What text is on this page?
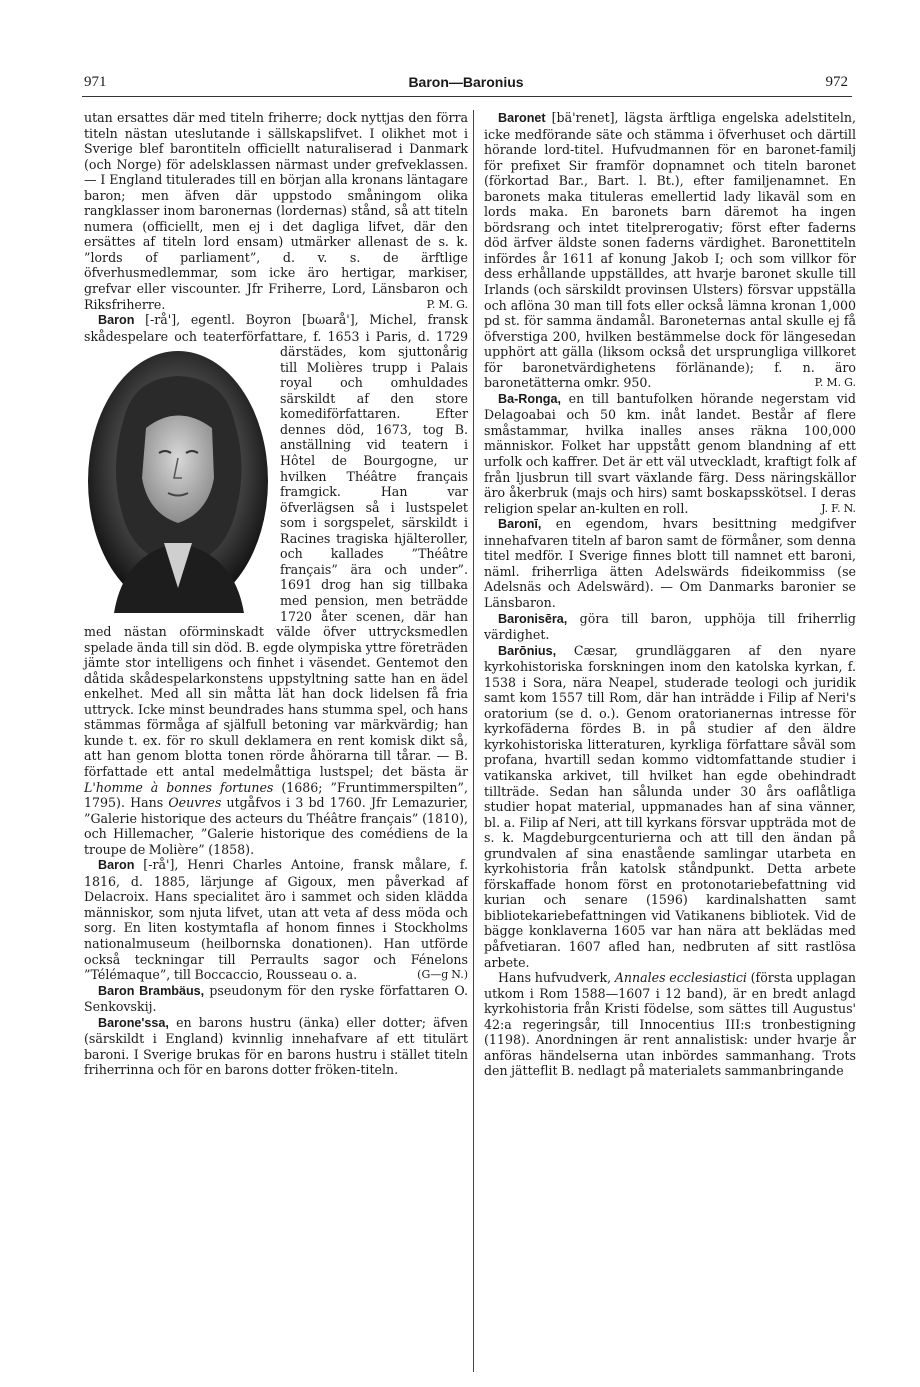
971	Baron—Baronius	972

utan ersattes där med titeln friherre; dock nyttjas den förra titeln nästan uteslutande i sällskapslifvet. I olikhet mot i Sverige blef barontiteln officiellt naturaliserad i Danmark (och Norge) för adelsklassen närmast under grefveklassen. — I England titulerades till en början alla kronans läntagare baron; men äfven där uppstodo småningom olika rangklasser inom baronernas (lordernas) stånd, så att titeln numera (officiellt, men ej i det dagliga lifvet, där den ersättes af titeln lord ensam) utmärker allenast de s. k. ”lords of parliament”, d. v. s. de ärftlige öfverhusmedlemmar, som icke äro hertigar, markiser, grefvar eller viscounter. Jfr Friherre, Lord, Länsbaron och Riksfriherre.	P. M. G.

Baron [-rå'], egentl. Boyron [bωarå'], Michel, fransk skådespelare och teaterförfattare, f. 1653 i Paris, d. 1729 därstädes,
kom sjuttonårig till Molières trupp i Palais royal och omhuldades särskildt af den store komediförfattaren. Efter dennes död, 1673, tog B. anställning vid teatern i Hôtel de Bourgogne, ur hvilken Théâtre français framgick. Han var öfverlägsen så i lustspelet som i sorgspelet, särskildt i Racines tragiska hjälteroller, och kallades ”Théâtre français” ära och under”. 1691 drog han sig tillbaka med pension, men beträdde 1720 åter scenen, där han med nästan oförminskadt välde öfver uttrycksmedlen spelade ända till sin död. B. egde olympiska yttre företräden jämte stor intelligens och finhet i väsendet. Gentemot den dåtida skådespelarkonstens uppstyltning satte han en ädel enkelhet. Med all sin måtta lät han dock lidelsen få fria uttryck. Icke minst beundrades hans stumma spel, och hans stämmas förmåga af själfull betoning var märkvärdig; han kunde t. ex. för ro skull deklamera en rent komisk dikt så, att han genom blotta tonen rörde åhörarna till tårar. — B. författade ett antal medelmåttiga lustspel; det bästa är L'homme à bonnes fortunes (1686; ”Fruntimmerspilten”, 1795). Hans Oeuvres utgåfvos i 3 bd 1760. Jfr Lemazurier, ”Galerie historique des acteurs du Théâtre français” (1810), och Hillemacher, ”Galerie historique des comédiens de la troupe de Molière” (1858).

Baron [-rå'], Henri Charles Antoine, fransk målare, f. 1816, d. 1885, lärjunge af Gigoux, men påverkad af Delacroix. Hans specialitet äro i sammet och siden klädda människor, som njuta lifvet, utan att veta af dess möda och sorg. En liten kostymtafla af honom finnes i Stockholms nationalmuseum (heilbornska donationen). Han utförde också teckningar till Perraults sagor och Fénelons ”Télémaque”, till Boccaccio, Rousseau o. a.	(G—g N.)

Baron Brambäus, pseudonym för den ryske författaren O. Senkovskij.

Barone'ssa, en barons hustru (änka) eller dotter; äfven (särskildt i England) kvinnlig innehafvare af ett titulärt baroni. I Sverige brukas för en barons hustru i stället titeln friherrinna och för en barons dotter fröken-titeln.

Baronet [bä'renet], lägsta ärftliga engelska adelstiteln, icke medförande säte och stämma i öfverhuset och därtill hörande lord-titel. Hufvudmannen för en baronet-familj för prefixet Sir framför dopnamnet och titeln baronet (förkortad Bar., Bart. l. Bt.), efter familjenamnet. En baronets maka tituleras emellertid lady likaväl som en lords maka. En baronets barn däremot ha ingen bördsrang och intet titelprerogativ; först efter faderns död ärfver äldste sonen faderns värdighet. Baronettiteln infördes år 1611 af konung Jakob I; och som villkor för dess erhållande uppställdes, att hvarje baronet skulle till Irlands (och särskildt provinsen Ulsters) försvar uppställa och aflöna 30 man till fots eller också lämna kronan 1,000 pd st. för samma ändamål. Baroneternas antal skulle ej få öfverstiga 200, hvilken bestämmelse dock för längesedan upphört att gälla (liksom också det ursprungliga villkoret för baronetvärdighetens förlänande); f. n. äro baronetätterna omkr. 950.	P. M. G.

Ba-Ronga, en till bantufolken hörande negerstam vid Delagoabai och 50 km. inåt landet. Består af flere småstammar, hvilka inalles anses räkna 100,000 människor. Folket har uppstått genom blandning af ett urfolk och kaffrer. Det är ett väl utveckladt, kraftigt folk af från ljusbrun till svart växlande färg. Dess näringskällor äro åkerbruk (majs och hirs) samt boskapsskötsel. I deras religion spelar an-kulten en roll.	J. F. N.

Baronī, en egendom, hvars besittning medgifver innehafvaren titeln af baron samt de förmåner, som denna titel medför. I Sverige finnes blott till namnet ett baroni, näml. friherrliga ätten Adelswärds fideikommiss (se Adelsnäs och Adelswärd). — Om Danmarks baronier se Länsbaron.

Baronisēra, göra till baron, upphöja till friherrlig värdighet.

Barōnius, Cæsar, grundläggaren af den nyare kyrkohistoriska forskningen inom den katolska kyrkan, f. 1538 i Sora, nära Neapel, studerade teologi och juridik samt kom 1557 till Rom, där han inträdde i Filip af Neri's oratorium (se d. o.). Genom oratorianernas intresse för kyrkofäderna fördes B. in på studier af den äldre kyrkohistoriska litteraturen, kyrkliga författare såväl som profana, hvartill sedan kommo vidtomfattande studier i vatikanska arkivet, till hvilket han egde obehindradt tillträde. Sedan han sålunda under 30 års oaflåtliga studier hopat material, uppmanades han af sina vänner, bl. a. Filip af Neri, att till kyrkans försvar uppträda mot de s. k. Magdeburgcenturierna och att till den ändan på grundvalen af sina enastående samlingar utarbeta en kyrkohistoria från katolsk ståndpunkt. Detta arbete förskaffade honom först en protonotariebefattning vid kurian och senare (1596) kardinalshatten samt bibliotekariebefattningen vid Vatikanens bibliotek. Vid de bägge konklaverna 1605 var han nära att beklädas med påfvetiaran. 1607 afled han, nedbruten af sitt rastlösa arbete.

Hans hufvudverk, Annales ecclesiastici (första upplagan utkom i Rom 1588—1607 i 12 band), är en bredt anlagd kyrkohistoria från Kristi födelse, som sättes till Augustus' 42:a regeringsår, till Innocentius III:s tronbestigning (1198). Anordningen är rent annalistisk: under hvarje år anföras händelserna utan inbördes sammanhang. Trots den jätteflit B. nedlagt på materialets sammanbringande
